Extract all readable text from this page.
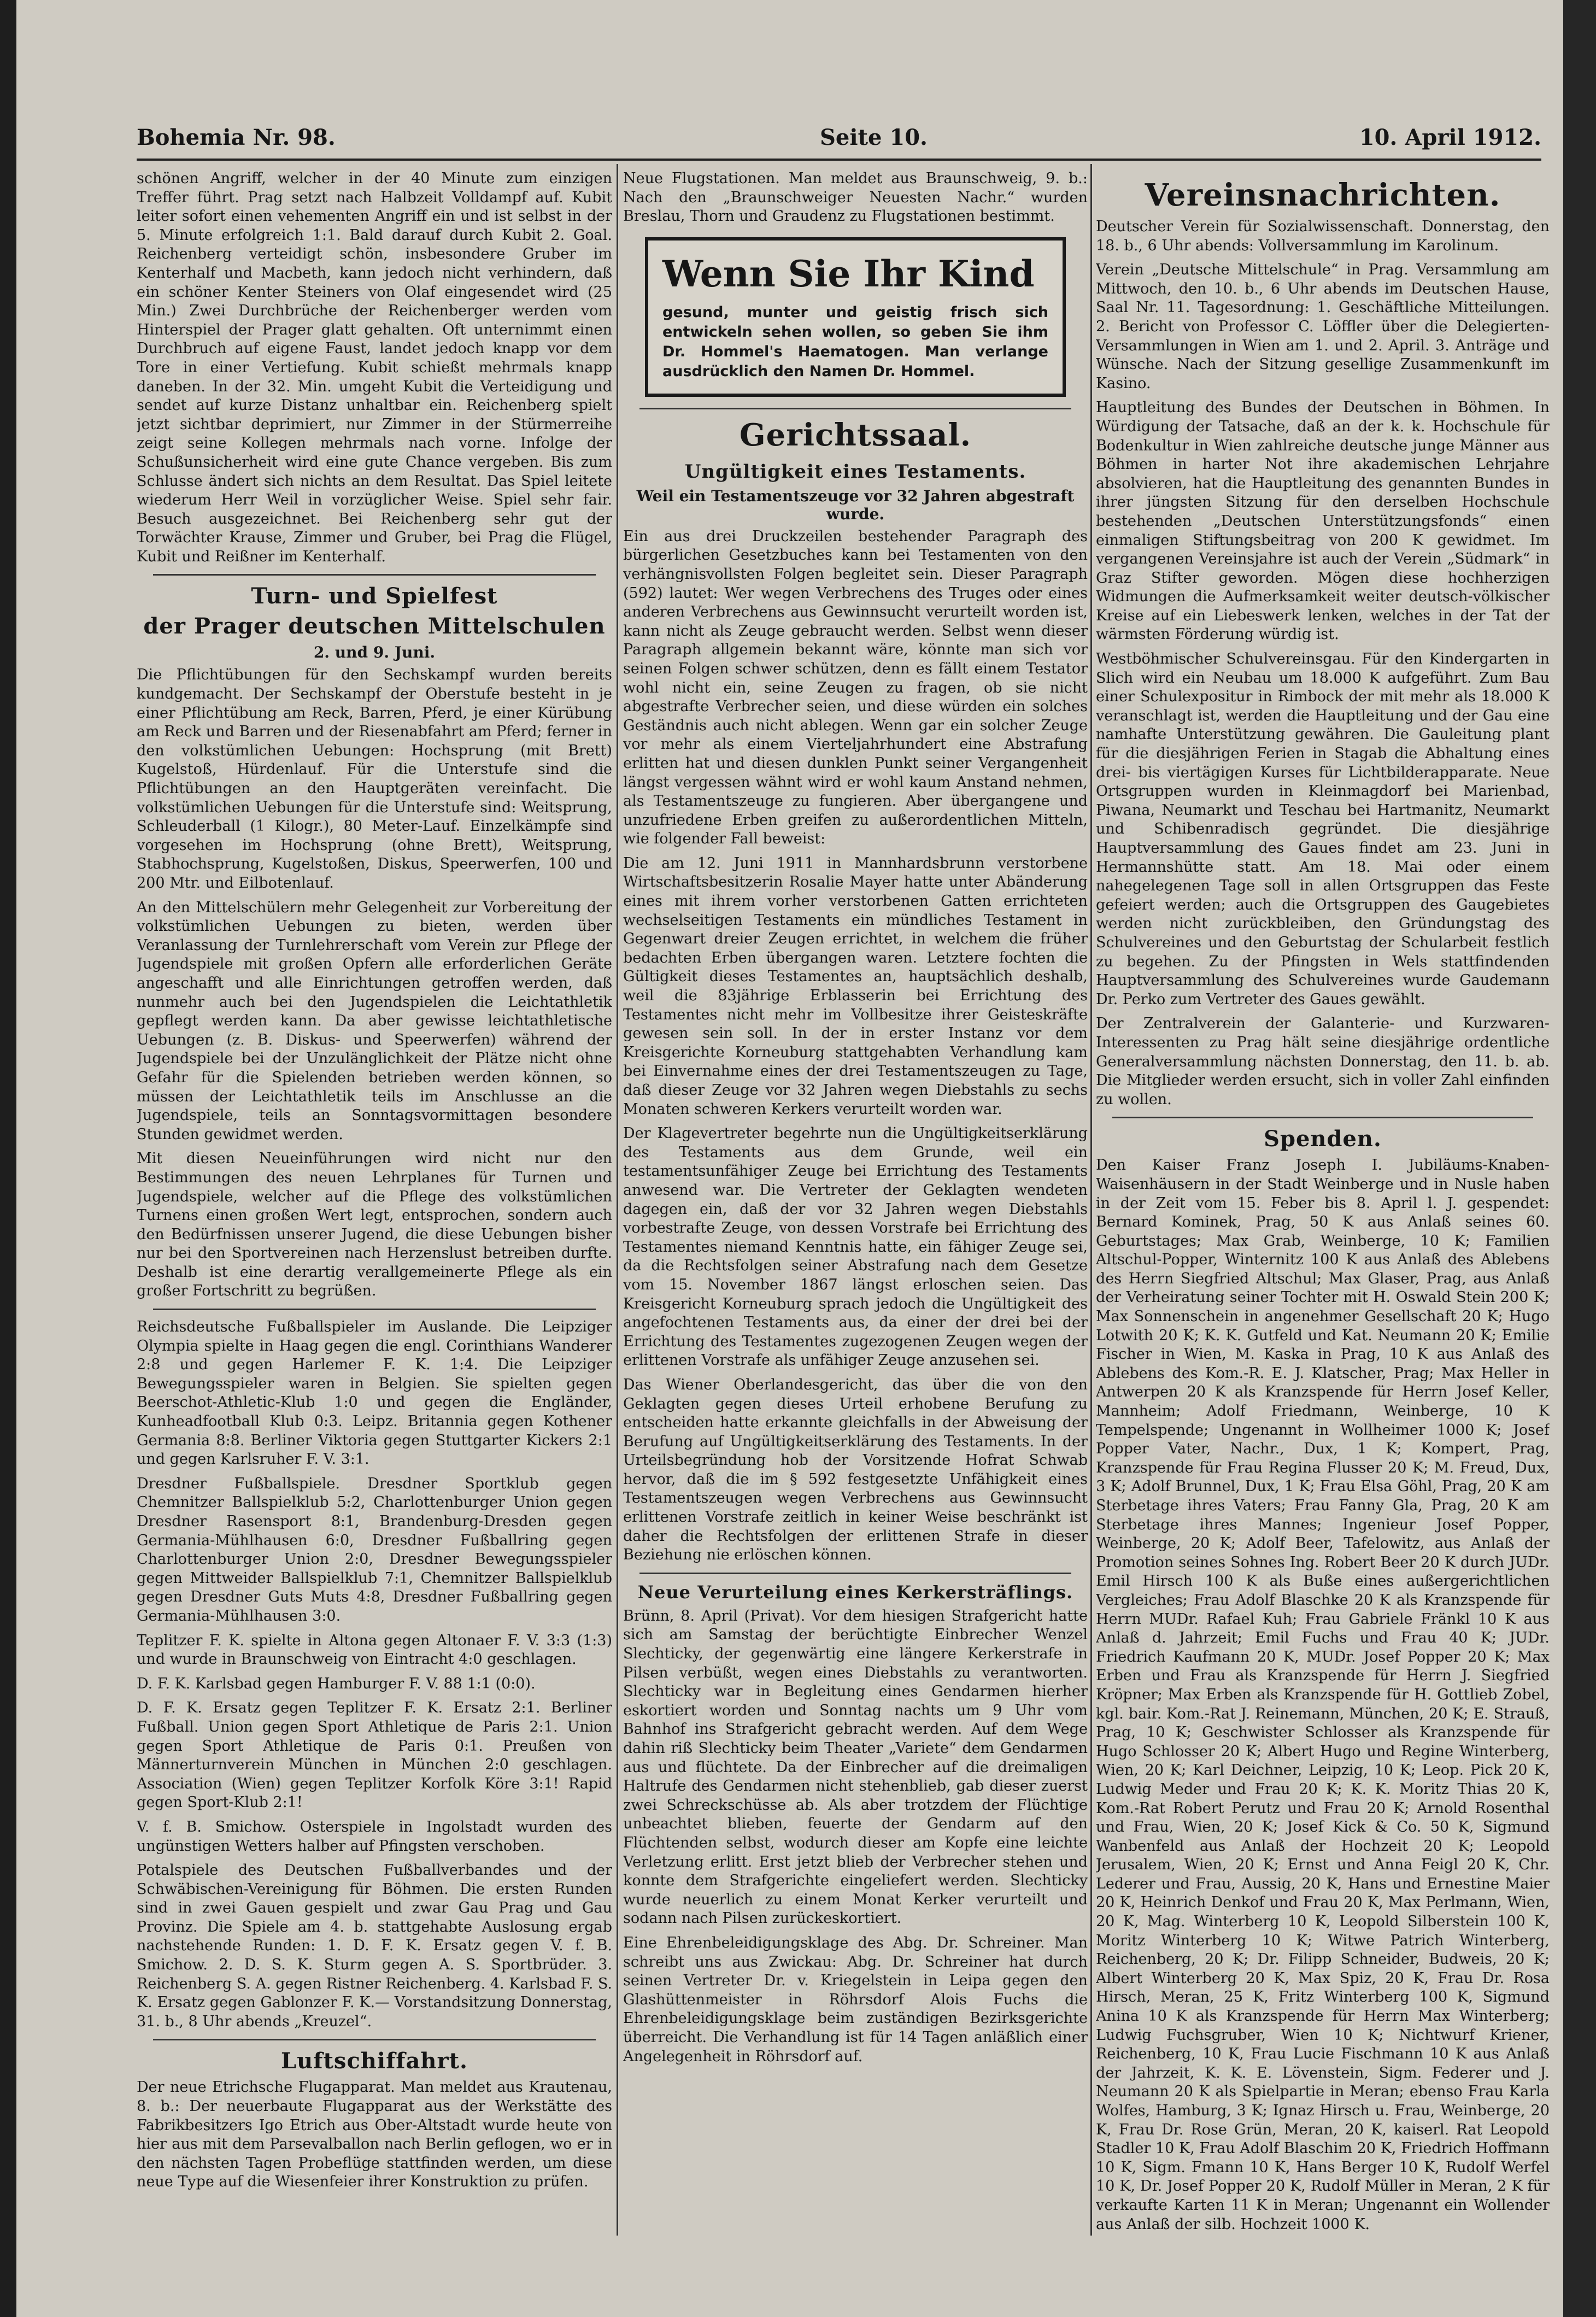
Bohemia Nr. 98.	Seite 10.	10. April 1912.

schönen Angriff, welcher in der 40 Minute zum einzigen Treffer führt. Prag setzt nach Halbzeit Volldampf auf. Kubit leiter sofort einen vehementen Angriff ein und ist selbst in der 5. Minute erfolgreich 1:1. Bald darauf durch Kubit 2. Goal. Reichenberg verteidigt schön, insbesondere Gruber im Kenterhalf und Macbeth, kann jedoch nicht verhindern, daß ein schöner Kenter Steiners von Olaf eingesendet wird (25 Min.) Zwei Durchbrüche der Reichenberger werden vom Hinterspiel der Prager glatt gehalten. Oft unternimmt einen Durchbruch auf eigene Faust, landet jedoch knapp vor dem Tore in einer Vertiefung. Kubit schießt mehrmals knapp daneben. In der 32. Min. umgeht Kubit die Verteidigung und sendet auf kurze Distanz unhaltbar ein. Reichenberg spielt jetzt sichtbar deprimiert, nur Zimmer in der Stürmerreihe zeigt seine Kollegen mehrmals nach vorne. Infolge der Schußunsicherheit wird eine gute Chance vergeben. Bis zum Schlusse ändert sich nichts an dem Resultat. Das Spiel leitete wiederum Herr Weil in vorzüglicher Weise. Spiel sehr fair. Besuch ausgezeichnet. Bei Reichenberg sehr gut der Torwächter Krause, Zimmer und Gruber, bei Prag die Flügel, Kubit und Reißner im Kenterhalf.

Turn- und Spielfest
der Prager deutschen Mittelschulen
2. und 9. Juni.

Die Pflichtübungen für den Sechskampf wurden bereits kundgemacht. Der Sechskampf der Oberstufe besteht in je einer Pflichtübung am Reck, Barren, Pferd, je einer Kürübung am Reck und Barren und der Riesenabfahrt am Pferd; ferner in den volkstümlichen Uebungen: Hochsprung (mit Brett) Kugelstoß, Hürdenlauf. Für die Unterstufe sind die Pflichtübungen an den Hauptgeräten vereinfacht. Die volkstümlichen Uebungen für die Unterstufe sind: Weitsprung, Schleuderball (1 Kilogr.), 80 Meter-Lauf. Einzelkämpfe sind vorgesehen im Hochsprung (ohne Brett), Weitsprung, Stabhochsprung, Kugelstoßen, Diskus, Speerwerfen, 100 und 200 Mtr. und Eilbotenlauf.

An den Mittelschülern mehr Gelegenheit zur Vorbereitung der volkstümlichen Uebungen zu bieten, werden über Veranlassung der Turnlehrerschaft vom Verein zur Pflege der Jugendspiele mit großen Opfern alle erforderlichen Geräte angeschafft und alle Einrichtungen getroffen werden, daß nunmehr auch bei den Jugendspielen die Leichtathletik gepflegt werden kann. Da aber gewisse leichtathletische Uebungen (z. B. Diskus- und Speerwerfen) während der Jugendspiele bei der Unzulänglichkeit der Plätze nicht ohne Gefahr für die Spielenden betrieben werden können, so müssen der Leichtathletik teils im Anschlusse an die Jugendspiele, teils an Sonntagsvormittagen besondere Stunden gewidmet werden.

Mit diesen Neueinführungen wird nicht nur den Bestimmungen des neuen Lehrplanes für Turnen und Jugendspiele, welcher auf die Pflege des volkstümlichen Turnens einen großen Wert legt, entsprochen, sondern auch den Bedürfnissen unserer Jugend, die diese Uebungen bisher nur bei den Sportvereinen nach Herzenslust betreiben durfte. Deshalb ist eine derartig verallgemeinerte Pflege als ein großer Fortschritt zu begrüßen.

Reichsdeutsche Fußballspieler im Auslande. Die Leipziger Olympia spielte in Haag gegen die engl. Corinthians Wanderer 2:8 und gegen Harlemer F. K. 1:4. Die Leipziger Bewegungsspieler waren in Belgien. Sie spielten gegen Beerschot-Athletic-Klub 1:0 und gegen die Engländer, Kunheadfootball Klub 0:3. Leipz. Britannia gegen Kothener Germania 8:8. Berliner Viktoria gegen Stuttgarter Kickers 2:1 und gegen Karlsruher F. V. 3:1.

Dresdner Fußballspiele. Dresdner Sportklub gegen Chemnitzer Ballspielklub 5:2, Charlottenburger Union gegen Dresdner Rasensport 8:1, Brandenburg-Dresden gegen Germania-Mühlhausen 6:0, Dresdner Fußballring gegen Charlottenburger Union 2:0, Dresdner Bewegungsspieler gegen Mittweider Ballspielklub 7:1, Chemnitzer Ballspielklub gegen Dresdner Guts Muts 4:8, Dresdner Fußballring gegen Germania-Mühlhausen 3:0.

Teplitzer F. K. spielte in Altona gegen Altonaer F. V. 3:3 (1:3) und wurde in Braunschweig von Eintracht 4:0 geschlagen.

D. F. K. Karlsbad gegen Hamburger F. V. 88 1:1 (0:0).

D. F. K. Ersatz gegen Teplitzer F. K. Ersatz 2:1. Berliner Fußball. Union gegen Sport Athletique de Paris 2:1. Union gegen Sport Athletique de Paris 0:1. Preußen von Männerturnverein München in München 2:0 geschlagen. Association (Wien) gegen Teplitzer Korfolk Köre 3:1! Rapid gegen Sport-Klub 2:1!

V. f. B. Smichow. Osterspiele in Ingolstadt wurden des ungünstigen Wetters halber auf Pfingsten verschoben.

Potalspiele des Deutschen Fußballverbandes und der Schwäbischen-Vereinigung für Böhmen. Die ersten Runden sind in zwei Gauen gespielt und zwar Gau Prag und Gau Provinz. Die Spiele am 4. b. stattgehabte Auslosung ergab nachstehende Runden: 1. D. F. K. Ersatz gegen V. f. B. Smichow. 2. D. S. K. Sturm gegen A. S. Sportbrüder. 3. Reichenberg S. A. gegen Ristner Reichenberg. 4. Karlsbad F. S. K. Ersatz gegen Gablonzer F. K.— Vorstandsitzung Donnerstag, 31. b., 8 Uhr abends „Kreuzel“.

Luftschiffahrt.

Der neue Etrichsche Flugapparat. Man meldet aus Krautenau, 8. b.: Der neuerbaute Flugapparat aus der Werkstätte des Fabrikbesitzers Igo Etrich aus Ober-Altstadt wurde heute von hier aus mit dem Parsevalballon nach Berlin geflogen, wo er in den nächsten Tagen Probeflüge stattfinden werden, um diese neue Type auf die Wiesenfeier ihrer Konstruktion zu prüfen.

Neue Flugstationen. Man meldet aus Braunschweig, 9. b.: Nach den „Braunschweiger Neuesten Nachr.“ wurden Breslau, Thorn und Graudenz zu Flugstationen bestimmt.

Wenn Sie Ihr Kind
gesund, munter und geistig frisch sich entwickeln sehen wollen, so geben Sie ihm Dr. Hommel's Haematogen. Man verlange ausdrücklich den Namen Dr. Hommel.
Gerichtssaal.
Ungültigkeit eines Testaments.
Weil ein Testamentszeuge vor 32 Jahren abgestraft wurde.

Ein aus drei Druckzeilen bestehender Paragraph des bürgerlichen Gesetzbuches kann bei Testamenten von den verhängnisvollsten Folgen begleitet sein. Dieser Paragraph (592) lautet: Wer wegen Verbrechens des Truges oder eines anderen Verbrechens aus Gewinnsucht verurteilt worden ist, kann nicht als Zeuge gebraucht werden. Selbst wenn dieser Paragraph allgemein bekannt wäre, könnte man sich vor seinen Folgen schwer schützen, denn es fällt einem Testator wohl nicht ein, seine Zeugen zu fragen, ob sie nicht abgestrafte Verbrecher seien, und diese würden ein solches Geständnis auch nicht ablegen. Wenn gar ein solcher Zeuge vor mehr als einem Vierteljahrhundert eine Abstrafung erlitten hat und diesen dunklen Punkt seiner Vergangenheit längst vergessen wähnt wird er wohl kaum Anstand nehmen, als Testamentszeuge zu fungieren. Aber übergangene und unzufriedene Erben greifen zu außerordentlichen Mitteln, wie folgender Fall beweist:

Die am 12. Juni 1911 in Mannhardsbrunn verstorbene Wirtschaftsbesitzerin Rosalie Mayer hatte unter Abänderung eines mit ihrem vorher verstorbenen Gatten errichteten wechselseitigen Testaments ein mündliches Testament in Gegenwart dreier Zeugen errichtet, in welchem die früher bedachten Erben übergangen waren. Letztere fochten die Gültigkeit dieses Testamentes an, hauptsächlich deshalb, weil die 83jährige Erblasserin bei Errichtung des Testamentes nicht mehr im Vollbesitze ihrer Geisteskräfte gewesen sein soll. In der in erster Instanz vor dem Kreisgerichte Korneuburg stattgehabten Verhandlung kam bei Einvernahme eines der drei Testamentszeugen zu Tage, daß dieser Zeuge vor 32 Jahren wegen Diebstahls zu sechs Monaten schweren Kerkers verurteilt worden war.

Der Klagevertreter begehrte nun die Ungültigkeitserklärung des Testaments aus dem Grunde, weil ein testamentsunfähiger Zeuge bei Errichtung des Testaments anwesend war. Die Vertreter der Geklagten wendeten dagegen ein, daß der vor 32 Jahren wegen Diebstahls vorbestrafte Zeuge, von dessen Vorstrafe bei Errichtung des Testamentes niemand Kenntnis hatte, ein fähiger Zeuge sei, da die Rechtsfolgen seiner Abstrafung nach dem Gesetze vom 15. November 1867 längst erloschen seien. Das Kreisgericht Korneuburg sprach jedoch die Ungültigkeit des angefochtenen Testaments aus, da einer der drei bei der Errichtung des Testamentes zugezogenen Zeugen wegen der erlittenen Vorstrafe als unfähiger Zeuge anzusehen sei.

Das Wiener Oberlandesgericht, das über die von den Geklagten gegen dieses Urteil erhobene Berufung zu entscheiden hatte erkannte gleichfalls in der Abweisung der Berufung auf Ungültigkeitserklärung des Testaments. In der Urteilsbegründung hob der Vorsitzende Hofrat Schwab hervor, daß die im § 592 festgesetzte Unfähigkeit eines Testamentszeugen wegen Verbrechens aus Gewinnsucht erlittenen Vorstrafe zeitlich in keiner Weise beschränkt ist daher die Rechtsfolgen der erlittenen Strafe in dieser Beziehung nie erlöschen können.

Neue Verurteilung eines Kerkersträflings.

Brünn, 8. April (Privat). Vor dem hiesigen Strafgericht hatte sich am Samstag der berüchtigte Einbrecher Wenzel Slechticky, der gegenwärtig eine längere Kerkerstrafe in Pilsen verbüßt, wegen eines Diebstahls zu verantworten. Slechticky war in Begleitung eines Gendarmen hierher eskortiert worden und Sonntag nachts um 9 Uhr vom Bahnhof ins Strafgericht gebracht werden. Auf dem Wege dahin riß Slechticky beim Theater „Variete“ dem Gendarmen aus und flüchtete. Da der Einbrecher auf die dreimaligen Haltrufe des Gendarmen nicht stehenblieb, gab dieser zuerst zwei Schreckschüsse ab. Als aber trotzdem der Flüchtige unbeachtet blieben, feuerte der Gendarm auf den Flüchtenden selbst, wodurch dieser am Kopfe eine leichte Verletzung erlitt. Erst jetzt blieb der Verbrecher stehen und konnte dem Strafgerichte eingeliefert werden. Slechticky wurde neuerlich zu einem Monat Kerker verurteilt und sodann nach Pilsen zurückeskortiert.

Eine Ehrenbeleidigungsklage des Abg. Dr. Schreiner. Man schreibt uns aus Zwickau: Abg. Dr. Schreiner hat durch seinen Vertreter Dr. v. Kriegelstein in Leipa gegen den Glashüttenmeister in Röhrsdorf Alois Fuchs die Ehrenbeleidigungsklage beim zuständigen Bezirksgerichte überreicht. Die Verhandlung ist für 14 Tagen anläßlich einer Angelegenheit in Röhrsdorf auf.

Vereinsnachrichten.

Deutscher Verein für Sozialwissenschaft. Donnerstag, den 18. b., 6 Uhr abends: Vollversammlung im Karolinum.

Verein „Deutsche Mittelschule“ in Prag. Versammlung am Mittwoch, den 10. b., 6 Uhr abends im Deutschen Hause, Saal Nr. 11. Tagesordnung: 1. Geschäftliche Mitteilungen. 2. Bericht von Professor C. Löffler über die Delegierten-Versammlungen in Wien am 1. und 2. April. 3. Anträge und Wünsche. Nach der Sitzung gesellige Zusammenkunft im Kasino.

Hauptleitung des Bundes der Deutschen in Böhmen. In Würdigung der Tatsache, daß an der k. k. Hochschule für Bodenkultur in Wien zahlreiche deutsche junge Männer aus Böhmen in harter Not ihre akademischen Lehrjahre absolvieren, hat die Hauptleitung des genannten Bundes in ihrer jüngsten Sitzung für den derselben Hochschule bestehenden „Deutschen Unterstützungsfonds“ einen einmaligen Stiftungsbeitrag von 200 K gewidmet. Im vergangenen Vereinsjahre ist auch der Verein „Südmark“ in Graz Stifter geworden. Mögen diese hochherzigen Widmungen die Aufmerksamkeit weiter deutsch-völkischer Kreise auf ein Liebeswerk lenken, welches in der Tat der wärmsten Förderung würdig ist.

Westböhmischer Schulvereinsgau. Für den Kindergarten in Slich wird ein Neubau um 18.000 K aufgeführt. Zum Bau einer Schulexpositur in Rimbock der mit mehr als 18.000 K veranschlagt ist, werden die Hauptleitung und der Gau eine namhafte Unterstützung gewähren. Die Gauleitung plant für die diesjährigen Ferien in Stagab die Abhaltung eines drei- bis viertägigen Kurses für Lichtbilderapparate. Neue Ortsgruppen wurden in Kleinmagdorf bei Marienbad, Piwana, Neumarkt und Teschau bei Hartmanitz, Neumarkt und Schibenradisch gegründet. Die diesjährige Hauptversammlung des Gaues findet am 23. Juni in Hermannshütte statt. Am 18. Mai oder einem nahegelegenen Tage soll in allen Ortsgruppen das Feste gefeiert werden; auch die Ortsgruppen des Gaugebietes werden nicht zurückbleiben, den Gründungstag des Schulvereines und den Geburtstag der Schularbeit festlich zu begehen. Zu der Pfingsten in Wels stattfindenden Hauptversammlung des Schulvereines wurde Gaudemann Dr. Perko zum Vertreter des Gaues gewählt.

Der Zentralverein der Galanterie- und Kurzwaren-Interessenten zu Prag hält seine diesjährige ordentliche Generalversammlung nächsten Donnerstag, den 11. b. ab. Die Mitglieder werden ersucht, sich in voller Zahl einfinden zu wollen.

Spenden.

Den Kaiser Franz Joseph I. Jubiläums-Knaben-Waisenhäusern in der Stadt Weinberge und in Nusle haben in der Zeit vom 15. Feber bis 8. April l. J. gespendet: Bernard Kominek, Prag, 50 K aus Anlaß seines 60. Geburtstages; Max Grab, Weinberge, 10 K; Familien Altschul-Popper, Winternitz 100 K aus Anlaß des Ablebens des Herrn Siegfried Altschul; Max Glaser, Prag, aus Anlaß der Verheiratung seiner Tochter mit H. Oswald Stein 200 K; Max Sonnenschein in angenehmer Gesellschaft 20 K; Hugo Lotwith 20 K; K. K. Gutfeld und Kat. Neumann 20 K; Emilie Fischer in Wien, M. Kaska in Prag, 10 K aus Anlaß des Ablebens des Kom.-R. E. J. Klatscher, Prag; Max Heller in Antwerpen 20 K als Kranzspende für Herrn Josef Keller, Mannheim; Adolf Friedmann, Weinberge, 10 K Tempelspende; Ungenannt in Wollheimer 1000 K; Josef Popper Vater, Nachr., Dux, 1 K; Kompert, Prag, Kranzspende für Frau Regina Flusser 20 K; M. Freud, Dux, 3 K; Adolf Brunnel, Dux, 1 K; Frau Elsa Göhl, Prag, 20 K am Sterbetage ihres Vaters; Frau Fanny Gla, Prag, 20 K am Sterbetage ihres Mannes; Ingenieur Josef Popper, Weinberge, 20 K; Adolf Beer, Tafelowitz, aus Anlaß der Promotion seines Sohnes Ing. Robert Beer 20 K durch JUDr. Emil Hirsch 100 K als Buße eines außergerichtlichen Vergleiches; Frau Adolf Blaschke 20 K als Kranzspende für Herrn MUDr. Rafael Kuh; Frau Gabriele Fränkl 10 K aus Anlaß d. Jahrzeit; Emil Fuchs und Frau 40 K; JUDr. Friedrich Kaufmann 20 K, MUDr. Josef Popper 20 K; Max Erben und Frau als Kranzspende für Herrn J. Siegfried Kröpner; Max Erben als Kranzspende für H. Gottlieb Zobel, kgl. bair. Kom.-Rat J. Reinemann, München, 20 K; E. Strauß, Prag, 10 K; Geschwister Schlosser als Kranzspende für Hugo Schlosser 20 K; Albert Hugo und Regine Winterberg, Wien, 20 K; Karl Deichner, Leipzig, 10 K; Leop. Pick 20 K, Ludwig Meder und Frau 20 K; K. K. Moritz Thias 20 K, Kom.-Rat Robert Perutz und Frau 20 K; Arnold Rosenthal und Frau, Wien, 20 K; Josef Kick & Co. 50 K, Sigmund Wanbenfeld aus Anlaß der Hochzeit 20 K; Leopold Jerusalem, Wien, 20 K; Ernst und Anna Feigl 20 K, Chr. Lederer und Frau, Aussig, 20 K, Hans und Ernestine Maier 20 K, Heinrich Denkof und Frau 20 K, Max Perlmann, Wien, 20 K, Mag. Winterberg 10 K, Leopold Silberstein 100 K, Moritz Winterberg 10 K; Witwe Patrich Winterberg, Reichenberg, 20 K; Dr. Filipp Schneider, Budweis, 20 K; Albert Winterberg 20 K, Max Spiz, 20 K, Frau Dr. Rosa Hirsch, Meran, 25 K, Fritz Winterberg 100 K, Sigmund Anina 10 K als Kranzspende für Herrn Max Winterberg; Ludwig Fuchsgruber, Wien 10 K; Nichtwurf Kriener, Reichenberg, 10 K, Frau Lucie Fischmann 10 K aus Anlaß der Jahrzeit, K. K. E. Lövenstein, Sigm. Federer und J. Neumann 20 K als Spielpartie in Meran; ebenso Frau Karla Wolfes, Hamburg, 3 K; Ignaz Hirsch u. Frau, Weinberge, 20 K, Frau Dr. Rose Grün, Meran, 20 K, kaiserl. Rat Leopold Stadler 10 K, Frau Adolf Blaschim 20 K, Friedrich Hoffmann 10 K, Sigm. Fmann 10 K, Hans Berger 10 K, Rudolf Werfel 10 K, Dr. Josef Popper 20 K, Rudolf Müller in Meran, 2 K für verkaufte Karten 11 K in Meran; Ungenannt ein Wollender aus Anlaß der silb. Hochzeit 1000 K.
